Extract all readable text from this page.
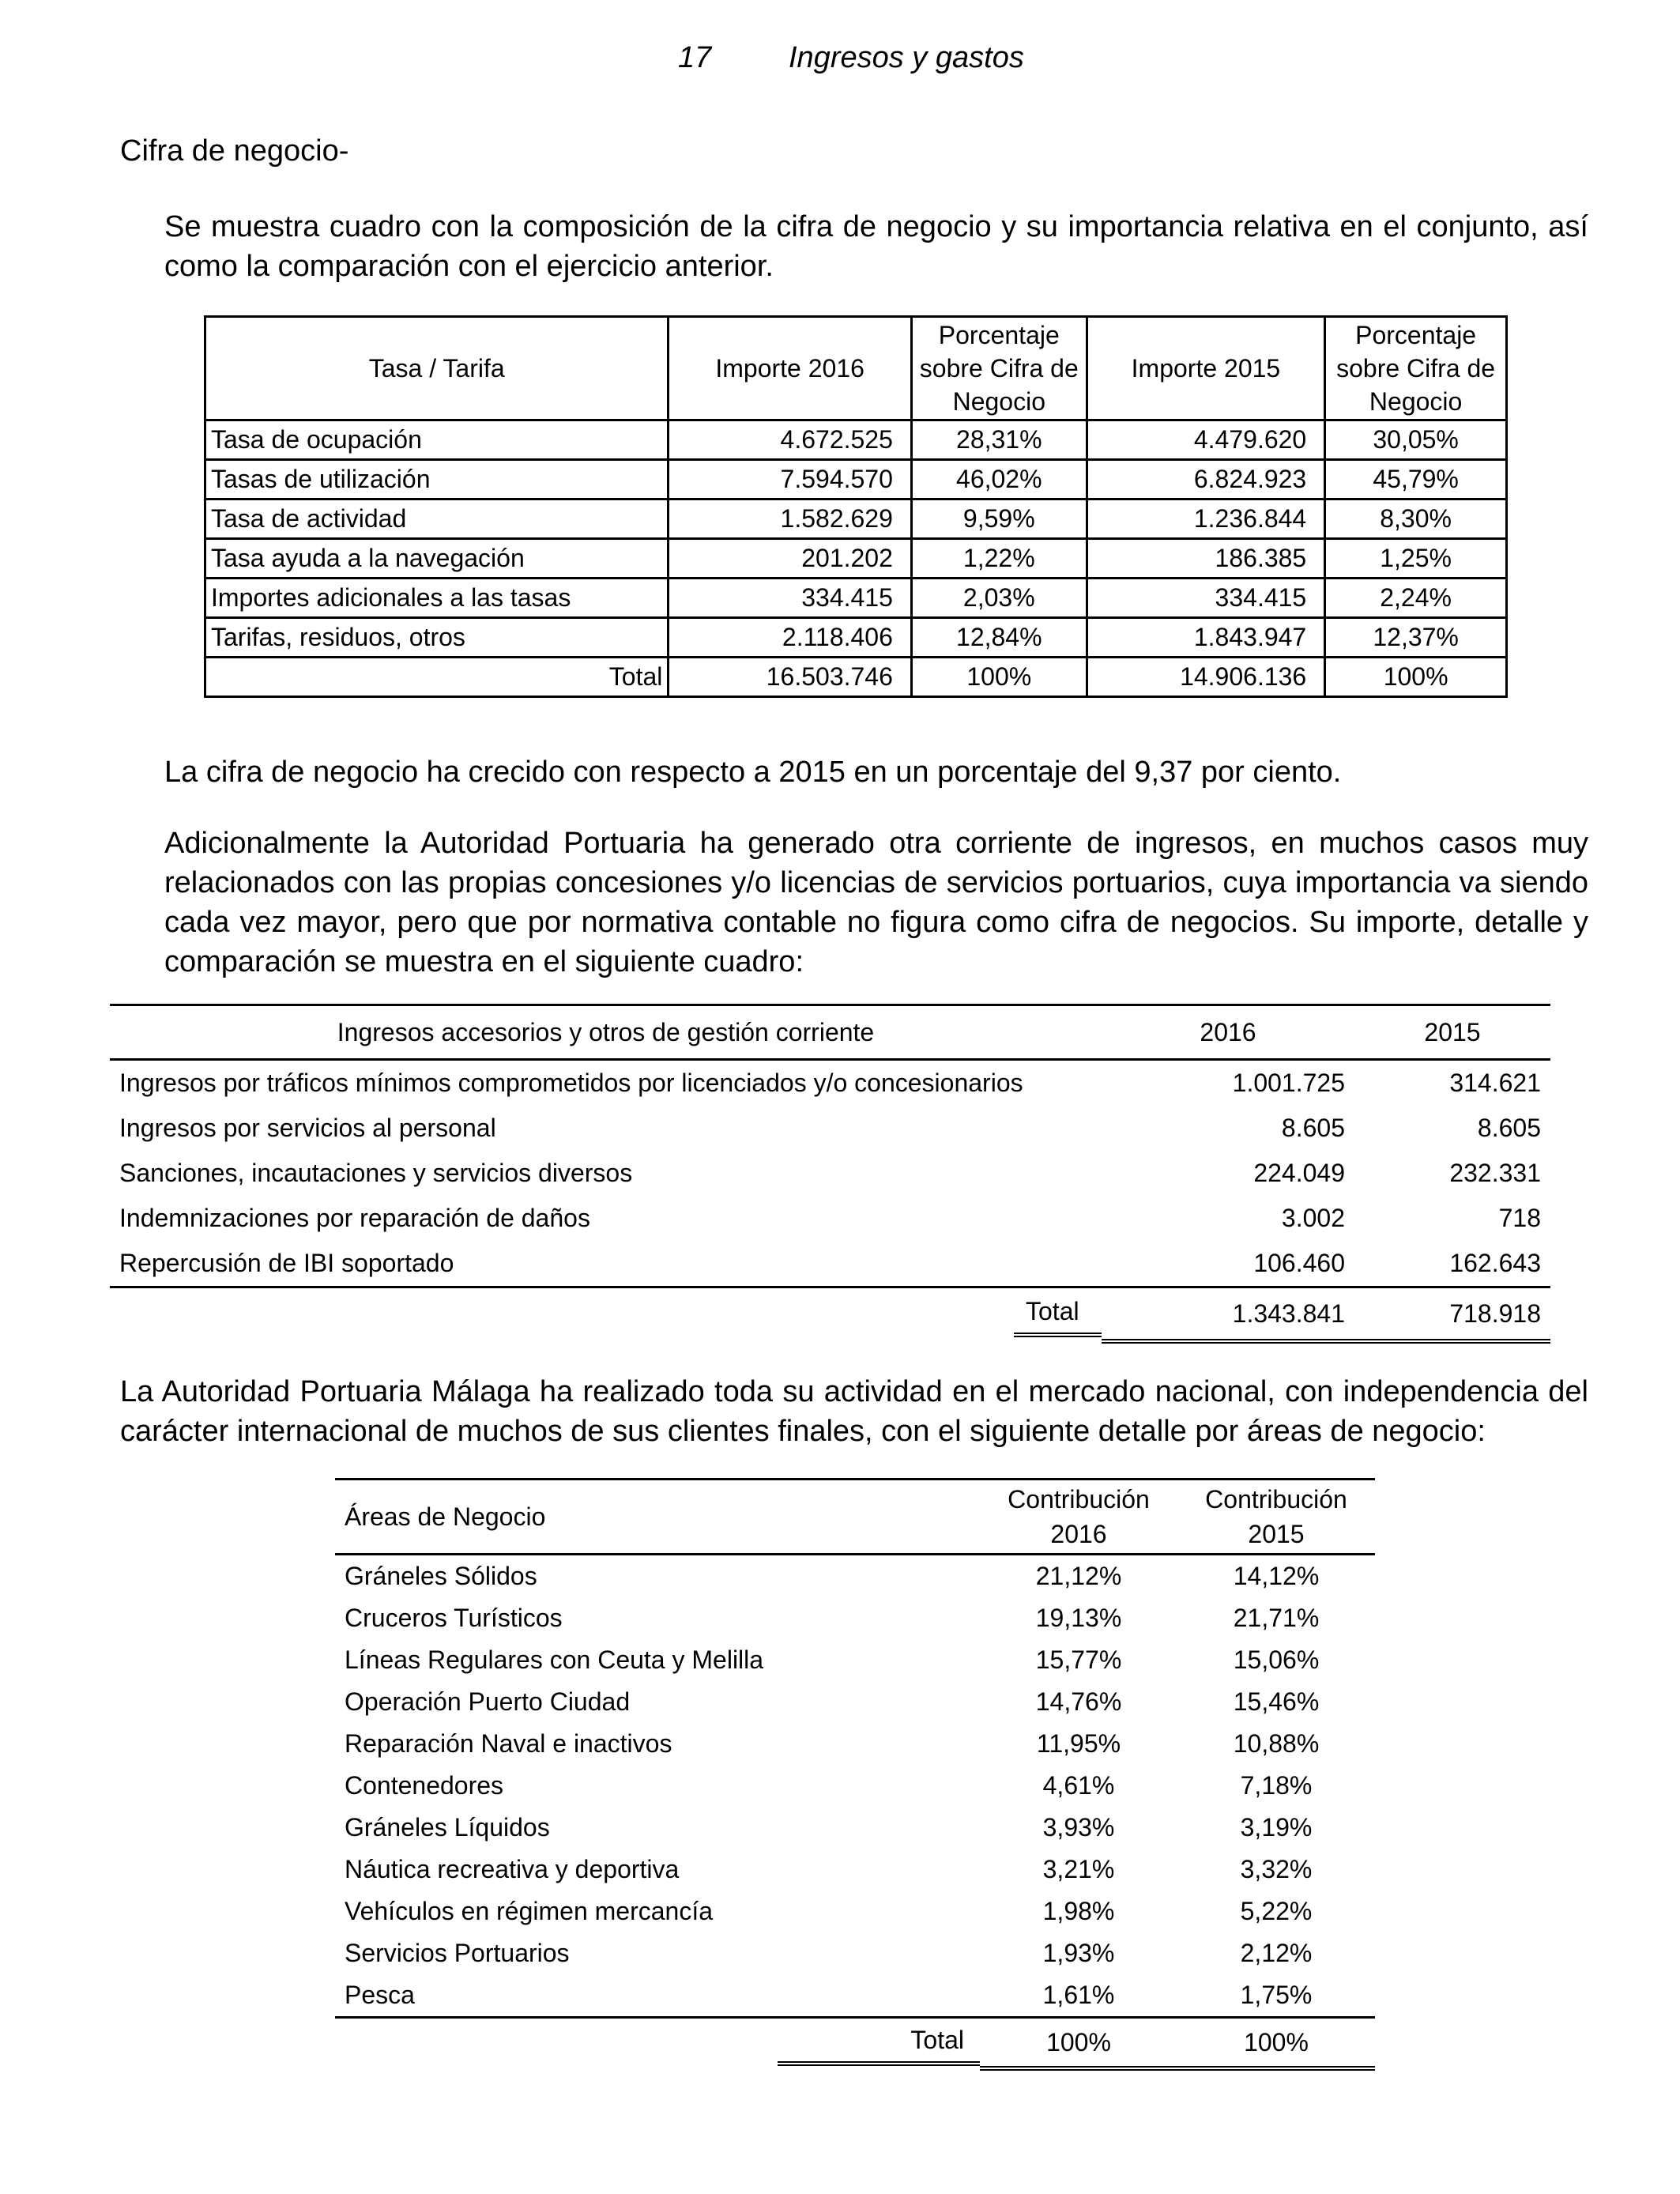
17	Ingresos y gastos
Cifra de negocio-
Se muestra cuadro con la composición de la cifra de negocio y su importancia relativa en el conjunto, así como la comparación con el ejercicio anterior.
Tasa / Tarifa	Importe 2016	Porcentaje sobre Cifra de Negocio	Importe 2015	Porcentaje sobre Cifra de Negocio
Tasa de ocupación	4.672.525	28,31%	4.479.620	30,05%
Tasas de utilización	7.594.570	46,02%	6.824.923	45,79%
Tasa de actividad	1.582.629	9,59%	1.236.844	8,30%
Tasa ayuda a la navegación	201.202	1,22%	186.385	1,25%
Importes adicionales a las tasas	334.415	2,03%	334.415	2,24%
Tarifas, residuos, otros	2.118.406	12,84%	1.843.947	12,37%
Total	16.503.746	100%	14.906.136	100%
La cifra de negocio ha crecido con respecto a 2015 en un porcentaje del 9,37 por ciento.
Adicionalmente la Autoridad Portuaria ha generado otra corriente de ingresos, en muchos casos muy relacionados con las propias concesiones y/o licencias de servicios portuarios, cuya importancia va siendo cada vez mayor, pero que por normativa contable no figura como cifra de negocios. Su importe, detalle y comparación se muestra en el siguiente cuadro:
Ingresos accesorios y otros de gestión corriente	2016	2015
Ingresos por tráficos mínimos comprometidos por licenciados y/o concesionarios	1.001.725	314.621
Ingresos por servicios al personal	8.605	8.605
Sanciones, incautaciones y servicios diversos	224.049	232.331
Indemnizaciones por reparación de daños	3.002	718
Repercusión de IBI soportado	106.460	162.643
Total	1.343.841	718.918
La Autoridad Portuaria Málaga ha realizado toda su actividad en el mercado nacional, con independencia del carácter internacional de muchos de sus clientes finales, con el siguiente detalle por áreas de negocio:
Áreas de Negocio	Contribución 2016	Contribución 2015
Gráneles Sólidos	21,12%	14,12%
Cruceros Turísticos	19,13%	21,71%
Líneas Regulares con Ceuta y Melilla	15,77%	15,06%
Operación Puerto Ciudad	14,76%	15,46%
Reparación Naval e inactivos	11,95%	10,88%
Contenedores	4,61%	7,18%
Gráneles Líquidos	3,93%	3,19%
Náutica recreativa y deportiva	3,21%	3,32%
Vehículos en régimen mercancía	1,98%	5,22%
Servicios Portuarios	1,93%	2,12%
Pesca	1,61%	1,75%
Total	100%	100%
